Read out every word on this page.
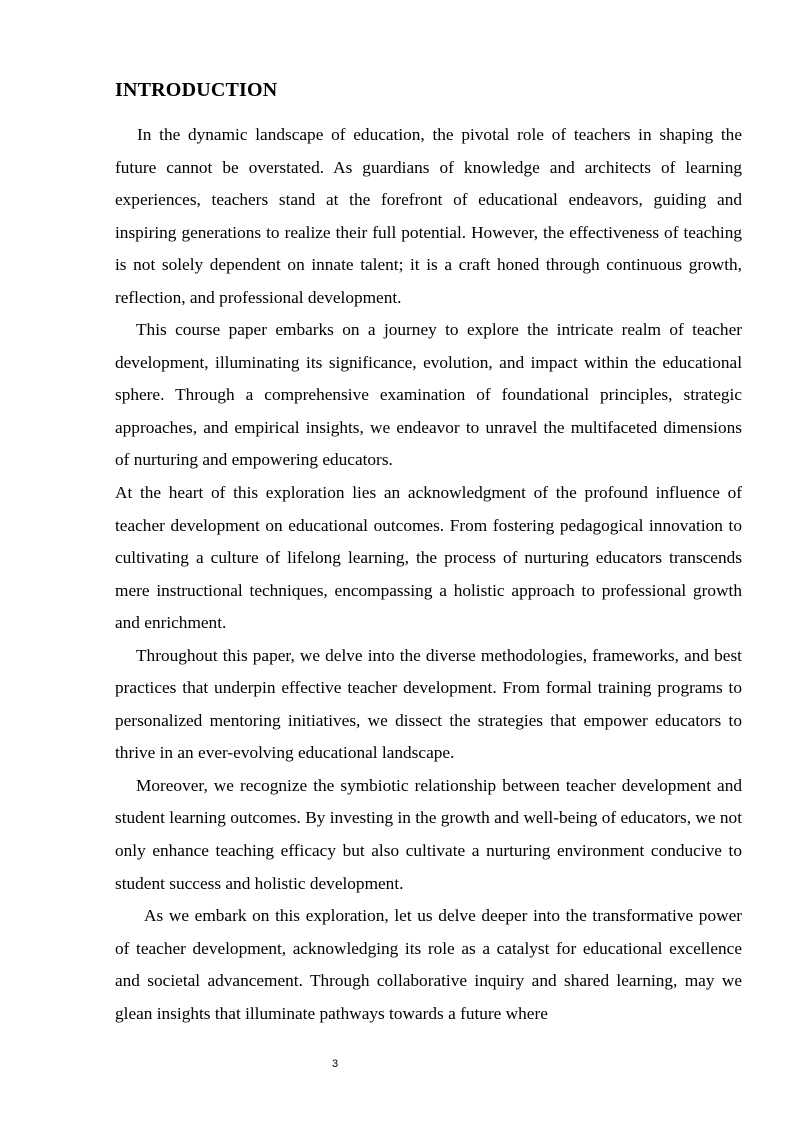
INTRODUCTION

In the dynamic landscape of education, the pivotal role of teachers in shaping the future cannot be overstated. As guardians of knowledge and architects of learning experiences, teachers stand at the forefront of educational endeavors, guiding and inspiring generations to realize their full potential. However, the effectiveness of teaching is not solely dependent on innate talent; it is a craft honed through continuous growth, reflection, and professional development.

This course paper embarks on a journey to explore the intricate realm of teacher development, illuminating its significance, evolution, and impact within the educational sphere. Through a comprehensive examination of foundational principles, strategic approaches, and empirical insights, we endeavor to unravel the multifaceted dimensions of nurturing and empowering educators.

At the heart of this exploration lies an acknowledgment of the profound influence of teacher development on educational outcomes. From fostering pedagogical innovation to cultivating a culture of lifelong learning, the process of nurturing educators transcends mere instructional techniques, encompassing a holistic approach to professional growth and enrichment.

Throughout this paper, we delve into the diverse methodologies, frameworks, and best practices that underpin effective teacher development. From formal training programs to personalized mentoring initiatives, we dissect the strategies that empower educators to thrive in an ever-evolving educational landscape.

Moreover, we recognize the symbiotic relationship between teacher development and student learning outcomes. By investing in the growth and well-being of educators, we not only enhance teaching efficacy but also cultivate a nurturing environment conducive to student success and holistic development.

As we embark on this exploration, let us delve deeper into the transformative power of teacher development, acknowledging its role as a catalyst for educational excellence and societal advancement. Through collaborative inquiry and shared learning, may we glean insights that illuminate pathways towards a future where

3
